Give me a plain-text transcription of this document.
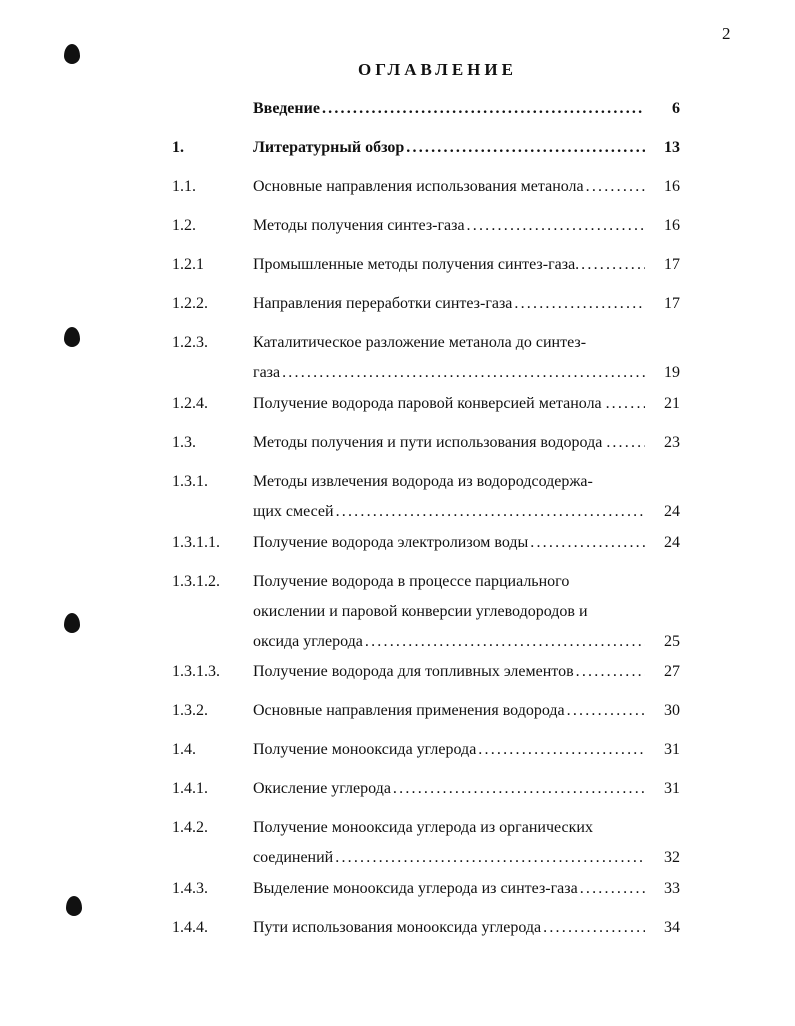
2
ОГЛАВЛЕНИЕ
Введение .....	6
1.	Литературный обзор .....	13
1.1.	Основные направления использования метанола .....	16
1.2.	Методы получения синтез-газа .....	16
1.2.1	Промышленные методы получения синтез-газа. .....	17
1.2.2.	Направления переработки синтез-газа .....	17
1.2.3.	Каталитическое разложение метанола до синтез-
газа .....	19
1.2.4.	Получение водорода паровой конверсией метанола . .....	21
1.3.	Методы получения и пути использования водорода . .....	23
1.3.1.	Методы извлечения водорода из водородсодержа-
щих смесей .....	24
1.3.1.1. Получение водорода электролизом воды .....	24
1.3.1.2. Получение водорода в процессе парциального
окислении и паровой конверсии углеводородов и
оксида углерода .....	25
1.3.1.3. Получение водорода для топливных элементов .....	27
1.3.2.	Основные направления применения водорода .....	30
1.4.	Получение монооксида углерода .....	31
1.4.1.	Окисление углерода .....	31
1.4.2.	Получение монооксида углерода из органических
соединений .....	32
1.4.3.	Выделение монооксида углерода из синтез-газа .....	33
1.4.4.	Пути использования монооксида углерода .....	34
